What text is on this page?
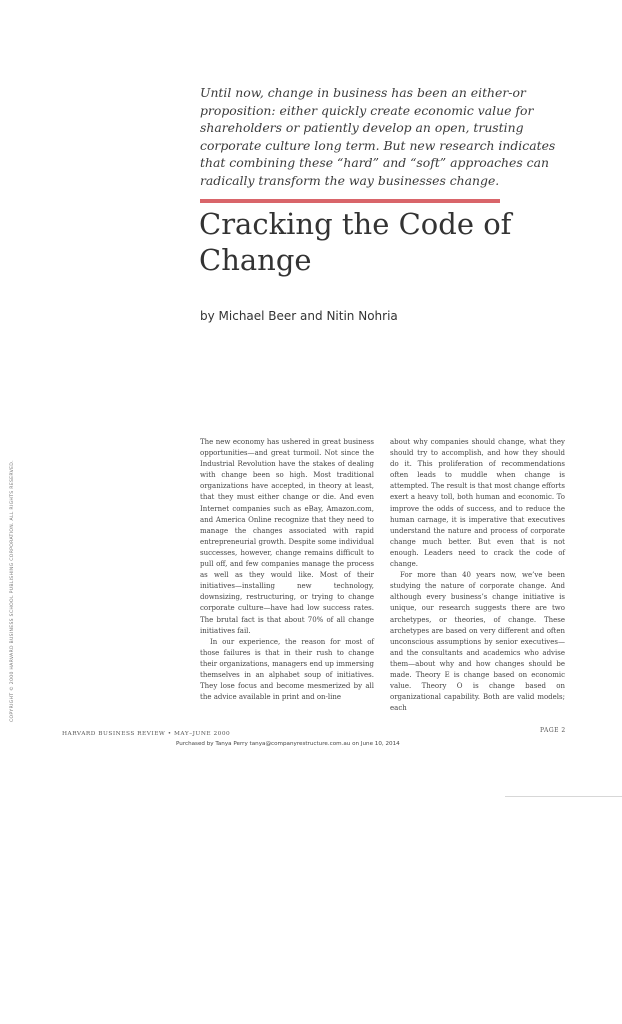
Until now, change in business has been an either-or proposition: either quickly create economic value for shareholders or patiently develop an open, trusting corporate culture long term. But new research indicates that combining these “hard” and “soft” approaches can radically transform the way businesses change.
Cracking the Code of Change
by Michael Beer and Nitin Nohria

The new economy has ushered in great business opportunities—and great turmoil. Not since the Industrial Revolution have the stakes of dealing with change been so high. Most traditional organizations have accepted, in theory at least, that they must either change or die. And even Internet companies such as eBay, Amazon.com, and America Online recognize that they need to manage the changes associated with rapid entrepreneurial growth. Despite some individual successes, however, change remains difficult to pull off, and few companies manage the process as well as they would like. Most of their initiatives—installing new technology, downsizing, restructuring, or trying to change corporate culture—have had low success rates. The brutal fact is that about 70% of all change initiatives fail.

In our experience, the reason for most of those failures is that in their rush to change their organizations, managers end up immersing themselves in an alphabet soup of initiatives. They lose focus and become mesmerized by all the advice available in print and on-line

about why companies should change, what they should try to accomplish, and how they should do it. This proliferation of recommendations often leads to muddle when change is attempted. The result is that most change efforts exert a heavy toll, both human and economic. To improve the odds of success, and to reduce the human carnage, it is imperative that executives understand the nature and process of corporate change much better. But even that is not enough. Leaders need to crack the code of change.

For more than 40 years now, we’ve been studying the nature of corporate change. And although every business’s change initiative is unique, our research suggests there are two archetypes, or theories, of change. These archetypes are based on very different and often unconscious assumptions by senior executives—and the consultants and academics who advise them—about why and how changes should be made. Theory E is change based on economic value. Theory O is change based on organizational capability. Both are valid models; each

COPYRIGHT © 2000 HARVARD BUSINESS SCHOOL PUBLISHING CORPORATION. ALL RIGHTS RESERVED.
HARVARD BUSINESS REVIEW • MAY–JUNE 2000	PAGE 2
Purchased by Tanya Perry tanya@companyrestructure.com.au on June 10, 2014
